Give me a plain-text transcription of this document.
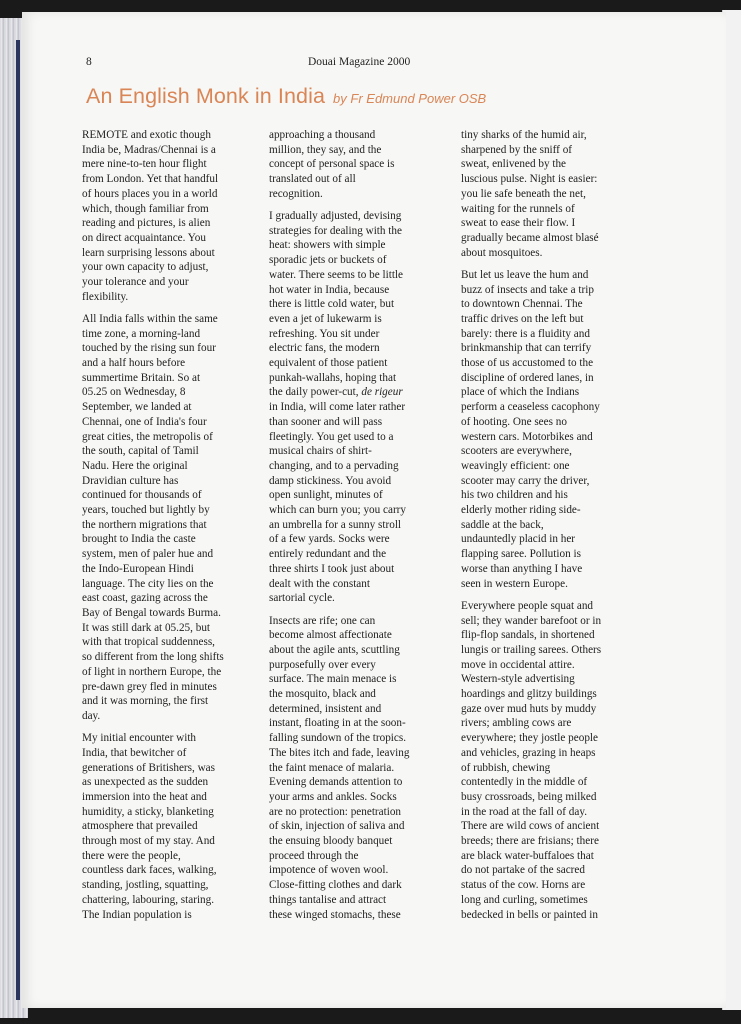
8	Douai Magazine 2000
An English Monk in India by Fr Edmund Power OSB

REMOTE and exotic though
India be, Madras/Chennai is a
mere nine-to-ten hour flight
from London. Yet that handful
of hours places you in a world
which, though familiar from
reading and pictures, is alien
on direct acquaintance. You
learn surprising lessons about
your own capacity to adjust,
your tolerance and your
flexibility.

All India falls within the same
time zone, a morning-land
touched by the rising sun four
and a half hours before
summertime Britain. So at
05.25 on Wednesday, 8
September, we landed at
Chennai, one of India's four
great cities, the metropolis of
the south, capital of Tamil
Nadu. Here the original
Dravidian culture has
continued for thousands of
years, touched but lightly by
the northern migrations that
brought to India the caste
system, men of paler hue and
the Indo-European Hindi
language. The city lies on the
east coast, gazing across the
Bay of Bengal towards Burma.
It was still dark at 05.25, but
with that tropical suddenness,
so different from the long shifts
of light in northern Europe, the
pre-dawn grey fled in minutes
and it was morning, the first
day.

My initial encounter with
India, that bewitcher of
generations of Britishers, was
as unexpected as the sudden
immersion into the heat and
humidity, a sticky, blanketing
atmosphere that prevailed
through most of my stay. And
there were the people,
countless dark faces, walking,
standing, jostling, squatting,
chattering, labouring, staring.
The Indian population is

approaching a thousand
million, they say, and the
concept of personal space is
translated out of all
recognition.

I gradually adjusted, devising
strategies for dealing with the
heat: showers with simple
sporadic jets or buckets of
water. There seems to be little
hot water in India, because
there is little cold water, but
even a jet of lukewarm is
refreshing. You sit under
electric fans, the modern
equivalent of those patient
punkah-wallahs, hoping that
the daily power-cut, de rigeur
in India, will come later rather
than sooner and will pass
fleetingly. You get used to a
musical chairs of shirt-
changing, and to a pervading
damp stickiness. You avoid
open sunlight, minutes of
which can burn you; you carry
an umbrella for a sunny stroll
of a few yards. Socks were
entirely redundant and the
three shirts I took just about
dealt with the constant
sartorial cycle.

Insects are rife; one can
become almost affectionate
about the agile ants, scuttling
purposefully over every
surface. The main menace is
the mosquito, black and
determined, insistent and
instant, floating in at the soon-
falling sundown of the tropics.
The bites itch and fade, leaving
the faint menace of malaria.
Evening demands attention to
your arms and ankles. Socks
are no protection: penetration
of skin, injection of saliva and
the ensuing bloody banquet
proceed through the
impotence of woven wool.
Close-fitting clothes and dark
things tantalise and attract
these winged stomachs, these

tiny sharks of the humid air,
sharpened by the sniff of
sweat, enlivened by the
luscious pulse. Night is easier:
you lie safe beneath the net,
waiting for the runnels of
sweat to ease their flow. I
gradually became almost blasé
about mosquitoes.

But let us leave the hum and
buzz of insects and take a trip
to downtown Chennai. The
traffic drives on the left but
barely: there is a fluidity and
brinkmanship that can terrify
those of us accustomed to the
discipline of ordered lanes, in
place of which the Indians
perform a ceaseless cacophony
of hooting. One sees no
western cars. Motorbikes and
scooters are everywhere,
weavingly efficient: one
scooter may carry the driver,
his two children and his
elderly mother riding side-
saddle at the back,
undauntedly placid in her
flapping saree. Pollution is
worse than anything I have
seen in western Europe.

Everywhere people squat and
sell; they wander barefoot or in
flip-flop sandals, in shortened
lungis or trailing sarees. Others
move in occidental attire.
Western-style advertising
hoardings and glitzy buildings
gaze over mud huts by muddy
rivers; ambling cows are
everywhere; they jostle people
and vehicles, grazing in heaps
of rubbish, chewing
contentedly in the middle of
busy crossroads, being milked
in the road at the fall of day.
There are wild cows of ancient
breeds; there are frisians; there
are black water-buffaloes that
do not partake of the sacred
status of the cow. Horns are
long and curling, sometimes
bedecked in bells or painted in
